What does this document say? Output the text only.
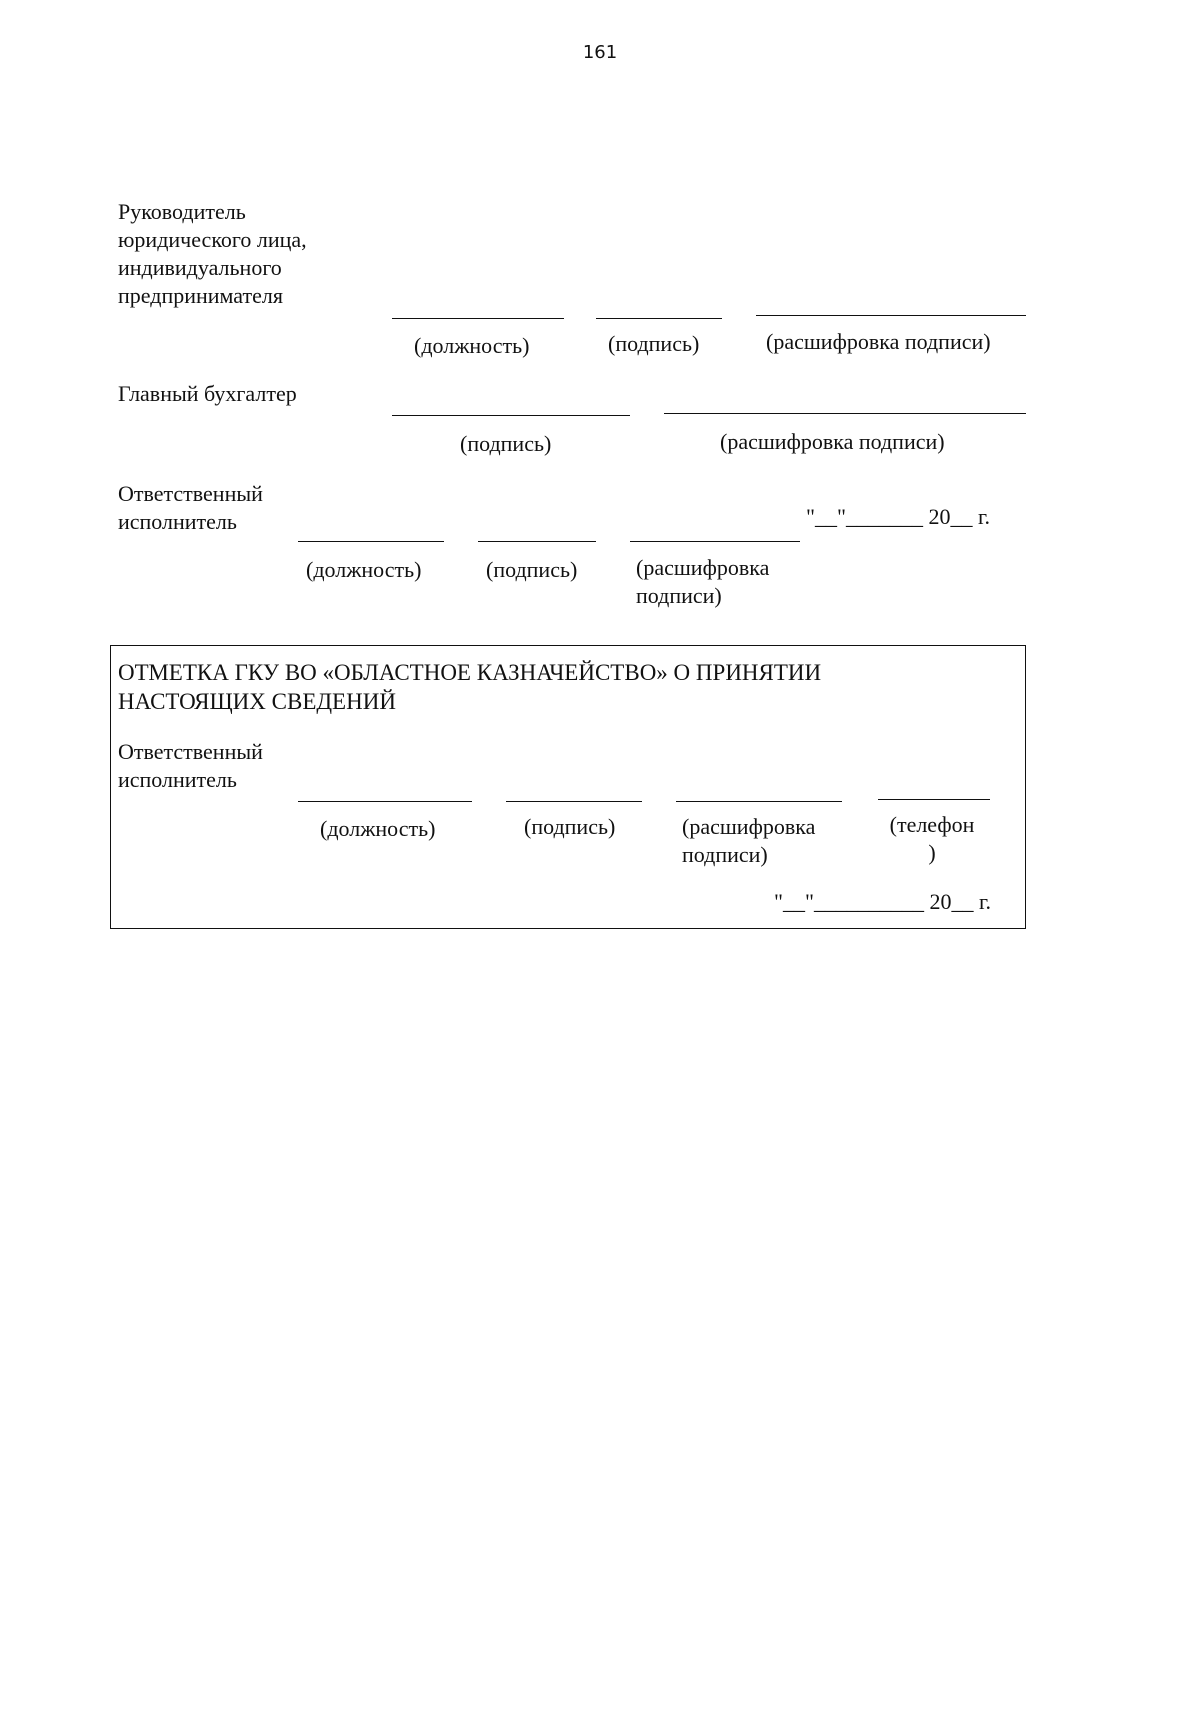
161
Руководитель
юридического лица,
индивидуального
предпринимателя
(должность)	(подпись)	(расшифровка подписи)
Главный бухгалтер
(подпись)	(расшифровка подписи)
Ответственный
исполнитель	"__"_______ 20__ г.
(должность)	(подпись)	(расшифровка
подписи)
ОТМЕТКА ГКУ ВО «ОБЛАСТНОЕ КАЗНАЧЕЙСТВО» О ПРИНЯТИИ
НАСТОЯЩИХ СВЕДЕНИЙ
Ответственный
исполнитель
(должность)	(подпись)	(расшифровка
подписи)
(телефон
)
"__"__________ 20__ г.
